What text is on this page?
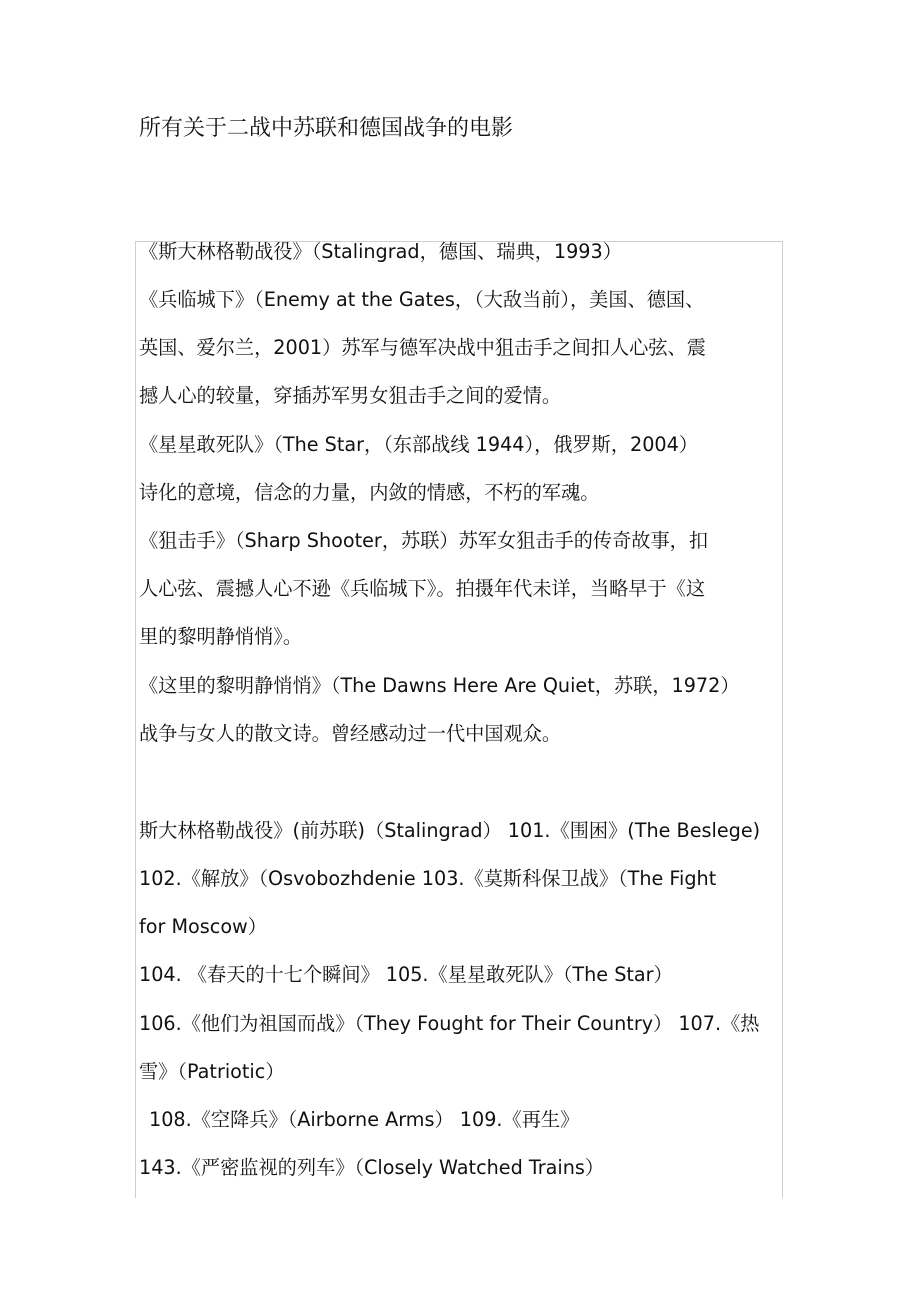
所有关于二战中苏联和德国战争的电影
《斯大林格勒战役》（Stalingrad，德国、瑞典，1993）
《兵临城下》（Enemy at the Gates，（大敌当前），美国、德国、
英国、爱尔兰，2001）苏军与德军决战中狙击手之间扣人心弦、震
撼人心的较量，穿插苏军男女狙击手之间的爱情。
《星星敢死队》（The Star，（东部战线 1944），俄罗斯，2004）
诗化的意境，信念的力量，内敛的情感，不朽的军魂。
《狙击手》（Sharp Shooter，苏联）苏军女狙击手的传奇故事，扣
人心弦、震撼人心不逊《兵临城下》。拍摄年代未详，当略早于《这
里的黎明静悄悄》。
《这里的黎明静悄悄》（The Dawns Here Are Quiet，苏联，1972）
战争与女人的散文诗。曾经感动过一代中国观众。
斯大林格勒战役》(前苏联)（Stalingrad） 101.《围困》(The Beslege)
102.《解放》（Osvobozhdenie 103.《莫斯科保卫战》（The Fight
for Moscow）
104. 《春天的十七个瞬间》 105.《星星敢死队》（The Star）
106.《他们为祖国而战》（They Fought for Their Country） 107.《热
雪》（Patriotic）
108.《空降兵》（Airborne Arms） 109.《再生》
143.《严密监视的列车》（Closely Watched Trains）
